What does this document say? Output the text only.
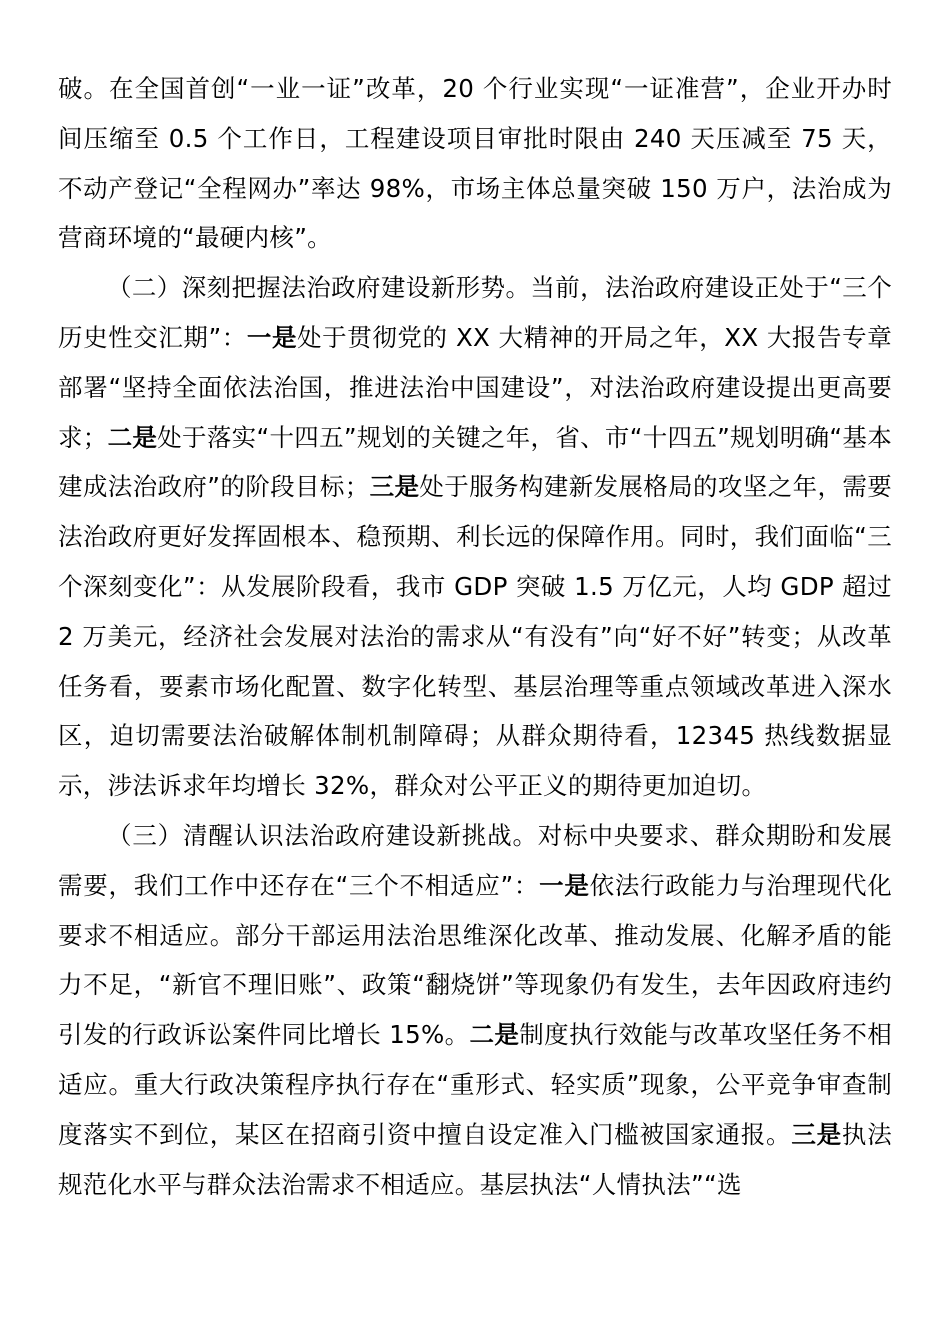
破。在全国首创“一业一证”改革，20 个行业实现“一证准营”，企业开办时间压缩至 0.5 个工作日，工程建设项目审批时限由 240 天压减至 75 天，不动产登记“全程网办”率达 98%，市场主体总量突破 150 万户，法治成为营商环境的“最硬内核”。

（二）深刻把握法治政府建设新形势。当前，法治政府建设正处于“三个历史性交汇期”：一是处于贯彻党的 XX 大精神的开局之年，XX 大报告专章部署“坚持全面依法治国，推进法治中国建设”，对法治政府建设提出更高要求；二是处于落实“十四五”规划的关键之年，省、市“十四五”规划明确“基本建成法治政府”的阶段目标；三是处于服务构建新发展格局的攻坚之年，需要法治政府更好发挥固根本、稳预期、利长远的保障作用。同时，我们面临“三个深刻变化”：从发展阶段看，我市 GDP 突破 1.5 万亿元，人均 GDP 超过 2 万美元，经济社会发展对法治的需求从“有没有”向“好不好”转变；从改革任务看，要素市场化配置、数字化转型、基层治理等重点领域改革进入深水区，迫切需要法治破解体制机制障碍；从群众期待看，12345 热线数据显示，涉法诉求年均增长 32%，群众对公平正义的期待更加迫切。

（三）清醒认识法治政府建设新挑战。对标中央要求、群众期盼和发展需要，我们工作中还存在“三个不相适应”：一是依法行政能力与治理现代化要求不相适应。部分干部运用法治思维深化改革、推动发展、化解矛盾的能力不足，“新官不理旧账”、政策“翻烧饼”等现象仍有发生，去年因政府违约引发的行政诉讼案件同比增长 15%。二是制度执行效能与改革攻坚任务不相适应。重大行政决策程序执行存在“重形式、轻实质”现象，公平竞争审查制度落实不到位，某区在招商引资中擅自设定准入门槛被国家通报。三是执法规范化水平与群众法治需求不相适应。基层执法“人情执法”“选
